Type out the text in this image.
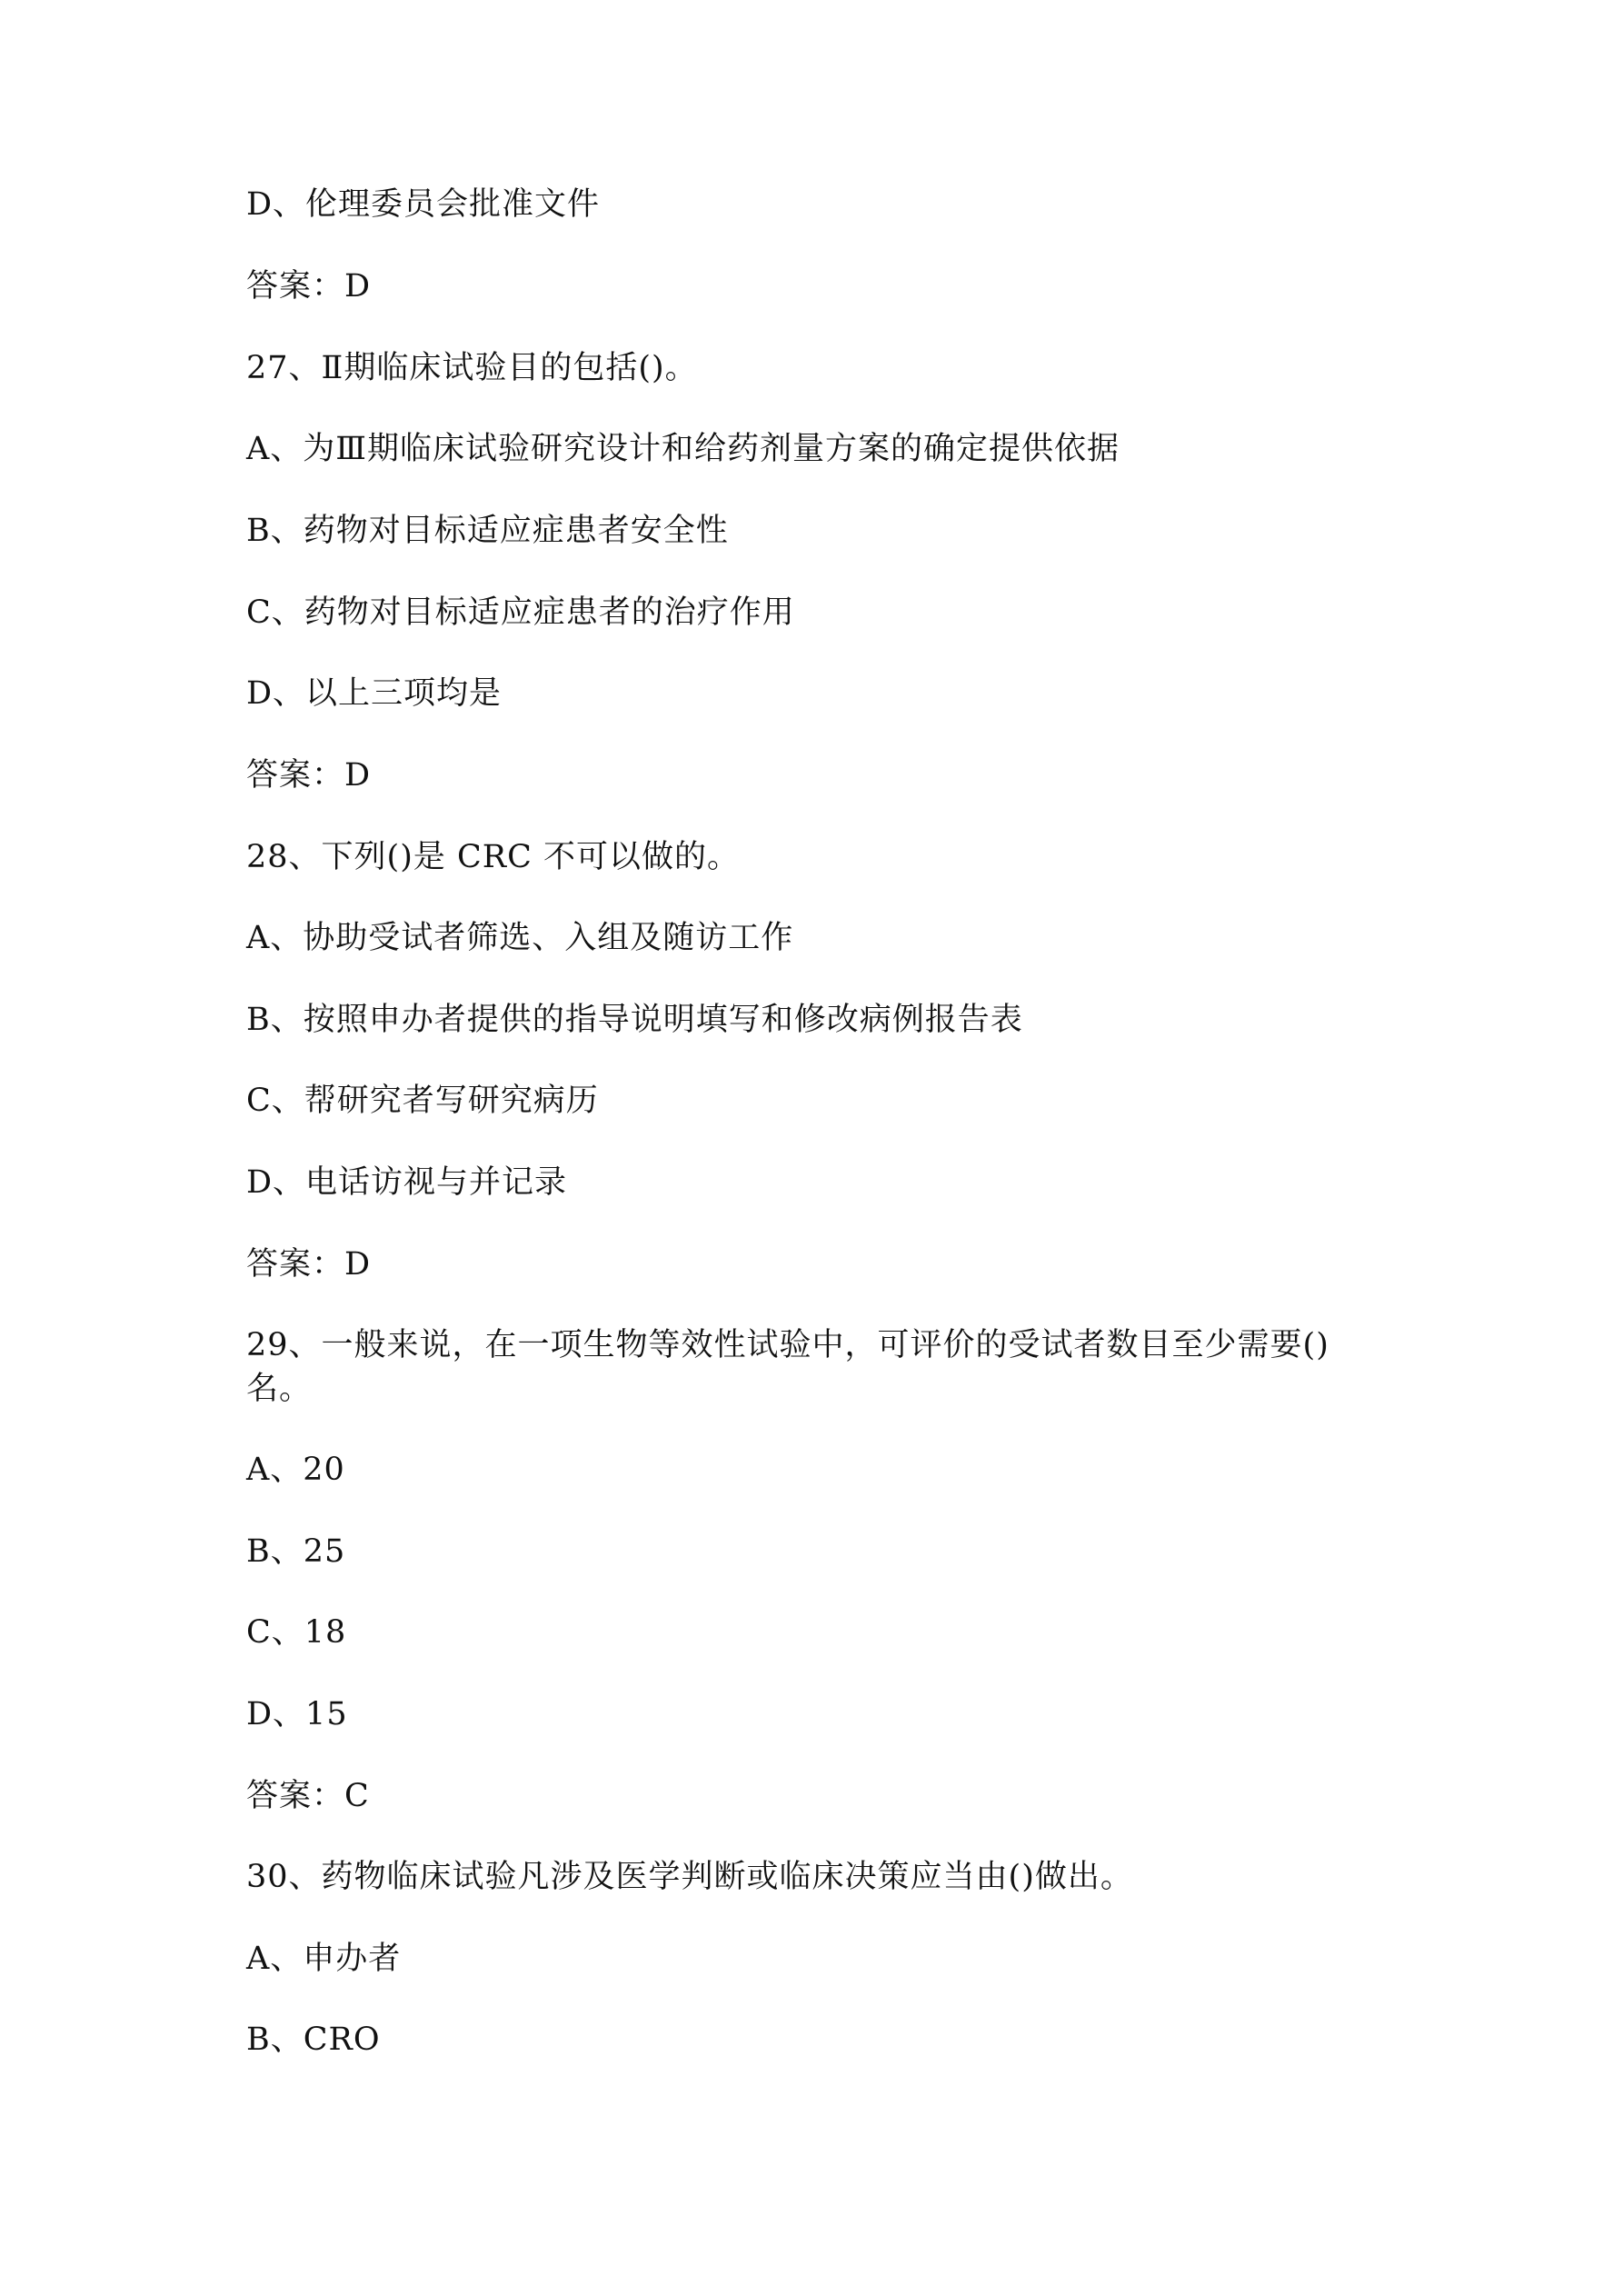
D、伦理委员会批准文件

答案：D

27、Ⅱ期临床试验目的包括()。

A、为Ⅲ期临床试验研究设计和给药剂量方案的确定提供依据

B、药物对目标适应症患者安全性

C、药物对目标适应症患者的治疗作用

D、以上三项均是

答案：D

28、下列()是 CRC 不可以做的。

A、协助受试者筛选、入组及随访工作

B、按照申办者提供的指导说明填写和修改病例报告表

C、帮研究者写研究病历

D、电话访视与并记录

答案：D

29、一般来说，在一项生物等效性试验中，可评价的受试者数目至少需要()

名。

A、20

B、25

C、18

D、15

答案：C

30、药物临床试验凡涉及医学判断或临床决策应当由()做出。

A、申办者

B、CRO
